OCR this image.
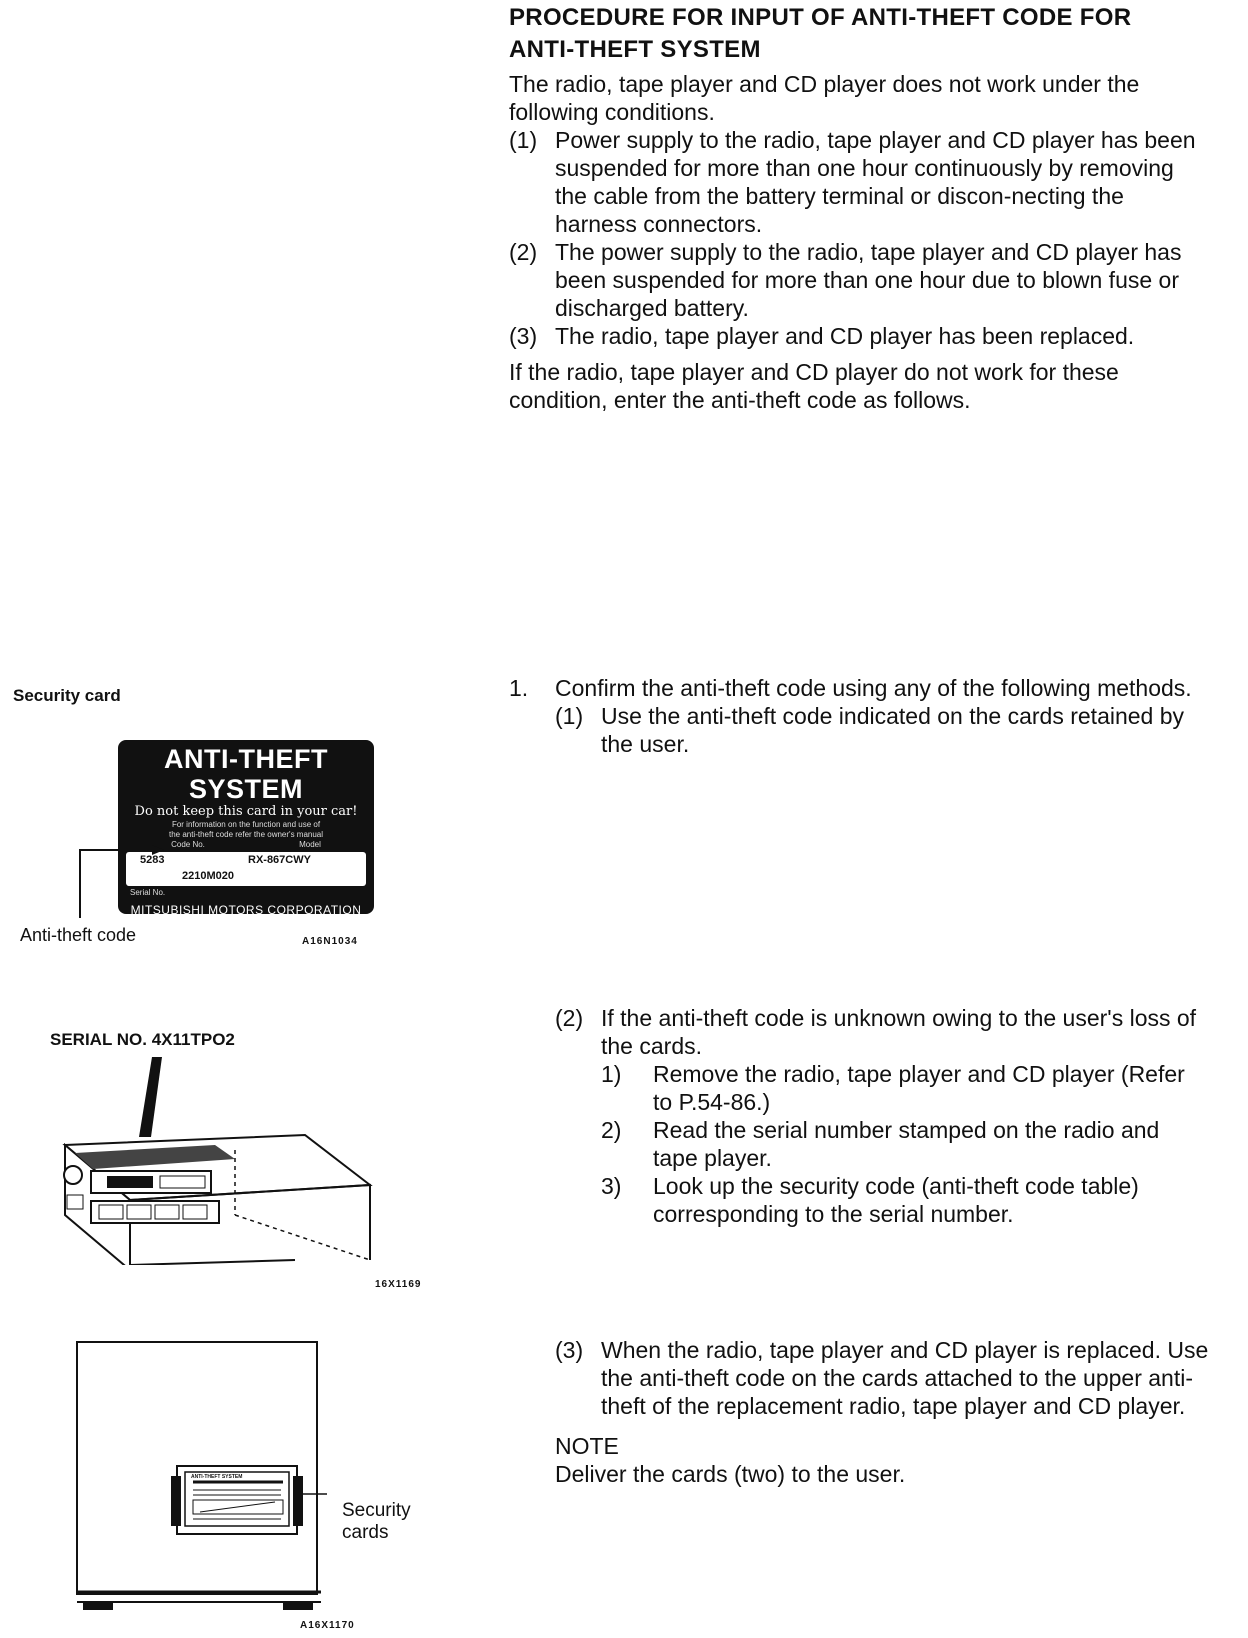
PROCEDURE FOR INPUT OF ANTI-THEFT CODE FOR
ANTI-THEFT SYSTEM
The radio, tape player and CD player does not work under the following conditions.
(1) Power supply to the radio, tape player and CD player has been suspended for more than one hour continuously by removing the cable from the battery terminal or discon-necting the harness connectors.
(2) The power supply to the radio, tape player and CD player has been suspended for more than one hour due to blown fuse or discharged battery.
(3) The radio, tape player and CD player has been replaced.
If the radio, tape player and CD player do not work for these condition, enter the anti-theft code as follows.
1. Confirm the anti-theft code using any of the following methods.
(1) Use the anti-theft code indicated on the cards retained by the user.
(2) If the anti-theft code is unknown owing to the user's loss of the cards.
1) Remove the radio, tape player and CD player (Refer to P.54-86.)
2) Read the serial number stamped on the radio and tape player.
3) Look up the security code (anti-theft code table) corresponding to the serial number.
(3) When the radio, tape player and CD player is replaced. Use the anti-theft code on the cards attached to the upper anti-theft of the replacement radio, tape player and CD player.
NOTE
Deliver the cards (two) to the user.
Security card
ANTI-THEFT SYSTEM
Do not keep this card in your car!
For information on the function and use of
the anti-theft code refer the owner's manual
Code No.	Model
5283	RX-867CWY
2210M020
Serial No.
MITSUBISHI MOTORS CORPORATION
Anti-theft code	A16N1034
SERIAL NO. 4X11TPO2
16X1169
ANTI-THEFT SYSTEM
Security
cards
A16X1170
